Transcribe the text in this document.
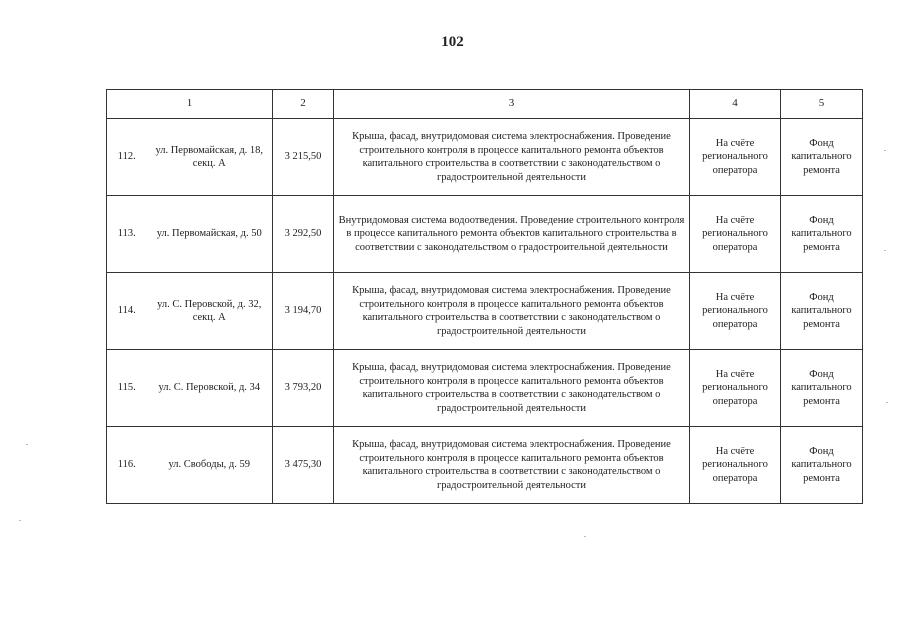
102

1		2	3	4	5
112.	ул. Первомайская, д. 18, секц. А	3 215,50	Крыша, фасад, внутридомовая система электроснабжения. Проведение строительного контроля в процессе капитального ремонта объектов капитального строительства в соответствии с законодательством о градостроительной деятельности	На счёте регионального оператора	Фонд капитального ремонта
113.	ул. Первомайская, д. 50	3 292,50	Внутридомовая система водоотведения. Проведение строительного контроля в процессе капитального ремонта объектов капитального строительства в соответствии с законодательством о градостроительной деятельности	На счёте регионального оператора	Фонд капитального ремонта
114.	ул. С. Перовской, д. 32, секц. А	3 194,70	Крыша, фасад, внутридомовая система электроснабжения. Проведение строительного контроля в процессе капитального ремонта объектов капитального строительства в соответствии с законодательством о градостроительной деятельности	На счёте регионального оператора	Фонд капитального ремонта
115.	ул. С. Перовской, д. 34	3 793,20	Крыша, фасад, внутридомовая система электроснабжения. Проведение строительного контроля в процессе капитального ремонта объектов капитального строительства в соответствии с законодательством о градостроительной деятельности	На счёте регионального оператора	Фонд капитального ремонта
116.	ул. Свободы, д. 59	3 475,30	Крыша, фасад, внутридомовая система электроснабжения. Проведение строительного контроля в процессе капитального ремонта объектов капитального строительства в соответствии с законодательством о градостроительной деятельности	На счёте регионального оператора	Фонд капитального ремонта
